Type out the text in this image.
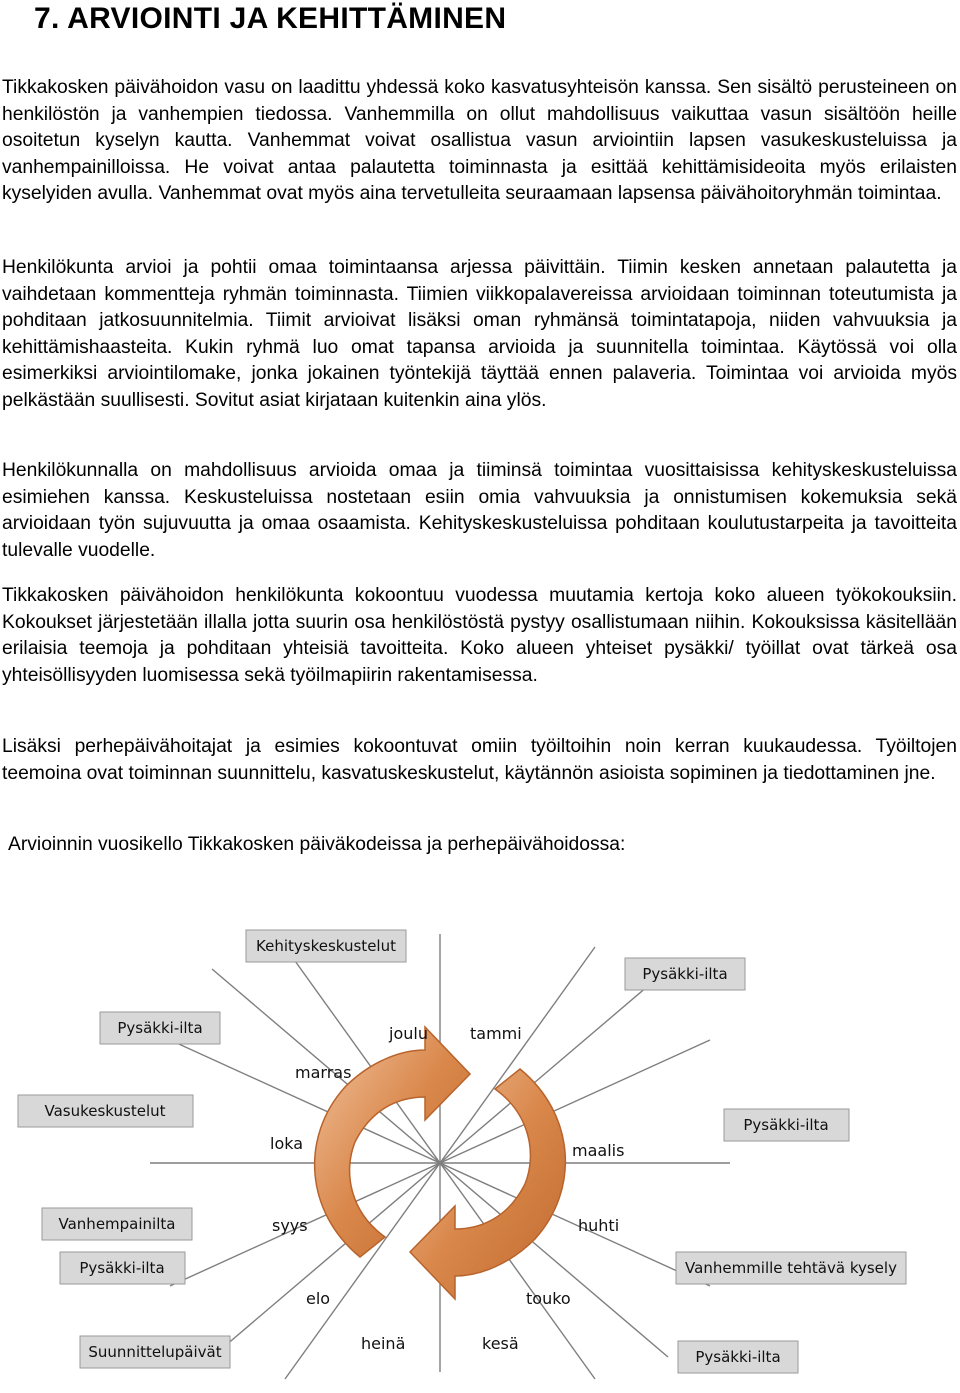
7. ARVIOINTI JA KEHITTÄMINEN

Tikkakosken päivähoidon vasu on laadittu yhdessä koko kasvatusyhteisön kanssa. Sen sisältö perusteineen on henkilöstön ja vanhempien tiedossa. Vanhemmilla on ollut mahdollisuus vaikuttaa vasun sisältöön heille osoitetun kyselyn kautta. Vanhemmat voivat osallistua vasun arviointiin lapsen vasukeskusteluissa ja vanhempainilloissa. He voivat antaa palautetta toiminnasta ja esittää kehittämisideoita myös erilaisten kyselyiden avulla. Vanhemmat ovat myös aina tervetulleita seuraamaan lapsensa päivähoitoryhmän toimintaa.

Henkilökunta arvioi ja pohtii omaa toimintaansa arjessa päivittäin. Tiimin kesken annetaan palautetta ja vaihdetaan kommentteja ryhmän toiminnasta. Tiimien viikkopalavereissa arvioidaan toiminnan toteutumista ja pohditaan jatkosuunnitelmia. Tiimit arvioivat lisäksi oman ryhmänsä toimintatapoja, niiden vahvuuksia ja kehittämishaasteita. Kukin ryhmä luo omat tapansa arvioida ja suunnitella toimintaa. Käytössä voi olla esimerkiksi arviointilomake, jonka jokainen työntekijä täyttää ennen palaveria. Toimintaa voi arvioida myös pelkästään suullisesti. Sovitut asiat kirjataan kuitenkin aina ylös.

Henkilökunnalla on mahdollisuus arvioida omaa ja tiiminsä toimintaa vuosittaisissa kehityskeskusteluissa esimiehen kanssa. Keskusteluissa nostetaan esiin omia vahvuuksia ja onnistumisen kokemuksia sekä arvioidaan työn sujuvuutta ja omaa osaamista. Kehityskeskusteluissa pohditaan koulutustarpeita ja tavoitteita tulevalle vuodelle.

Tikkakosken päivähoidon henkilökunta kokoontuu vuodessa muutamia kertoja koko alueen työkokouksiin. Kokoukset järjestetään illalla jotta suurin osa henkilöstöstä pystyy osallistumaan niihin. Kokouksissa käsitellään erilaisia teemoja ja pohditaan yhteisiä tavoitteita. Koko alueen yhteiset pysäkki/ työillat ovat tärkeä osa yhteisöllisyyden luomisessa sekä työilmapiirin rakentamisessa.

Lisäksi perhepäivähoitajat ja esimies kokoontuvat omiin työiltoihin noin kerran kuukaudessa. Työiltojen teemoina ovat toiminnan suunnittelu, kasvatuskeskustelut, käytännön asioista sopiminen ja tiedottaminen jne.

Arvioinnin vuosikello Tikkakosken päiväkodeissa ja perhepäivähoidossa:

tammi
maalis
huhti
touko
kesä
heinä
elo
syys
loka
marras
joulu
Kehityskeskustelut
Pysäkki-ilta
Pysäkki-ilta
Vasukeskustelut
Pysäkki-ilta
Vanhempainilta
Pysäkki-ilta	Vanhemmille tehtävä kysely
Suunnittelupäivät	Pysäkki-ilta
